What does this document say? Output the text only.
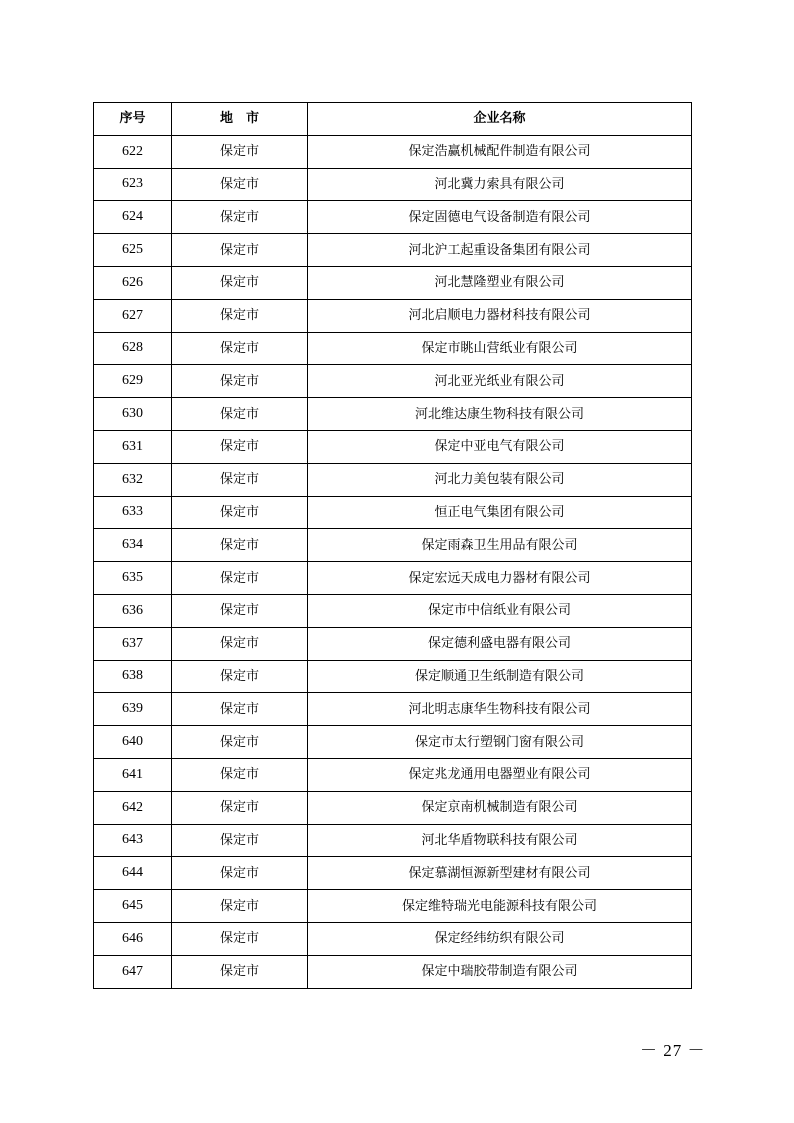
序号	地　市	企业名称
622	保定市	保定浩赢机械配件制造有限公司
623	保定市	河北冀力索具有限公司
624	保定市	保定固德电气设备制造有限公司
625	保定市	河北沪工起重设备集团有限公司
626	保定市	河北慧隆塑业有限公司
627	保定市	河北启顺电力器材科技有限公司
628	保定市	保定市眺山营纸业有限公司
629	保定市	河北亚光纸业有限公司
630	保定市	河北维达康生物科技有限公司
631	保定市	保定中亚电气有限公司
632	保定市	河北力美包装有限公司
633	保定市	恒正电气集团有限公司
634	保定市	保定雨森卫生用品有限公司
635	保定市	保定宏远天成电力器材有限公司
636	保定市	保定市中信纸业有限公司
637	保定市	保定德利盛电器有限公司
638	保定市	保定顺通卫生纸制造有限公司
639	保定市	河北明志康华生物科技有限公司
640	保定市	保定市太行塑钢门窗有限公司
641	保定市	保定兆龙通用电器塑业有限公司
642	保定市	保定京南机械制造有限公司
643	保定市	河北华盾物联科技有限公司
644	保定市	保定慕湖恒源新型建材有限公司
645	保定市	保定维特瑞光电能源科技有限公司
646	保定市	保定经纬纺织有限公司
647	保定市	保定中瑞胶带制造有限公司
－ 27 －
